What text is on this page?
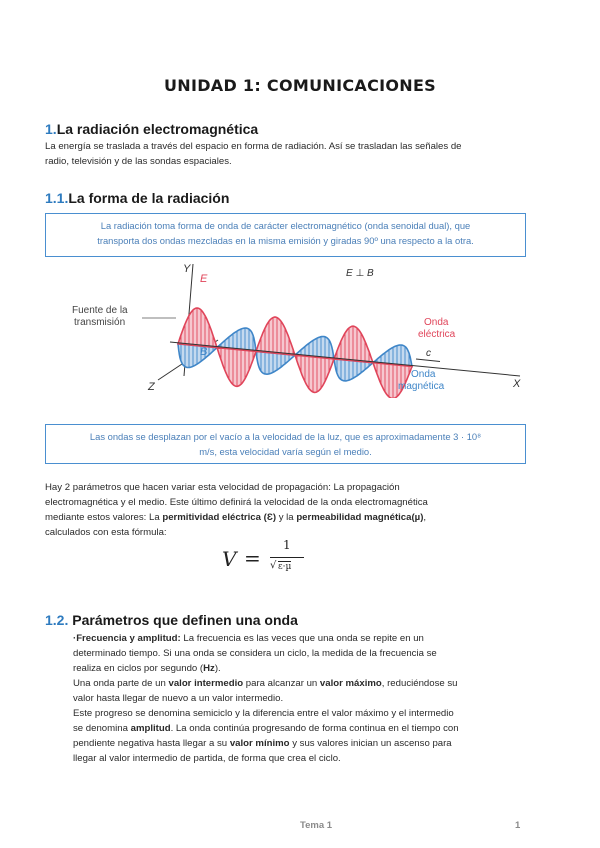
UNIDAD 1: COMUNICACIONES
1.La radiación electromagnética
La energía se traslada a través del espacio en forma de radiación. Así se trasladan las señales de
radio, televisión y de las sondas espaciales.
1.1.La forma de la radiación
La radiación toma forma de onda de carácter electromagnético (onda senoidal dual), que
transporta dos ondas mezcladas en la misma emisión y giradas 90º una respecto a la otra.
Y
E
B
Z	X
c
E ⊥ B
Fuente de la
transmisión	Onda
eléctrica
Onda
magnética
Las ondas se desplazan por el vacío a la velocidad de la luz, que es aproximadamente 3 · 10⁸
m/s, esta velocidad varía según el medio.
Hay 2 parámetros que hacen variar esta velocidad de propagación: La propagación
electromagnética y el medio. Este último definirá la velocidad de la onda electromagnética
mediante estos valores: La permitividad eléctrica (Ɛ) y la permeabilidad magnética(µ),
calculados con esta fórmula:
V =
1
√ ε·µ
1.2. Parámetros que definen una onda
·Frecuencia y amplitud: La frecuencia es las veces que una onda se repite en un
determinado tiempo. Si una onda se considera un ciclo, la medida de la frecuencia se
realiza en ciclos por segundo (Hz).
Una onda parte de un valor intermedio para alcanzar un valor máximo, reduciéndose su
valor hasta llegar de nuevo a un valor intermedio.
Este progreso se denomina semiciclo y la diferencia entre el valor máximo y el intermedio
se denomina amplitud. La onda continúa progresando de forma continua en el tiempo con
pendiente negativa hasta llegar a su valor mínimo y sus valores inician un ascenso para
llegar al valor intermedio de partida, de forma que crea el ciclo.
Tema 1	1
